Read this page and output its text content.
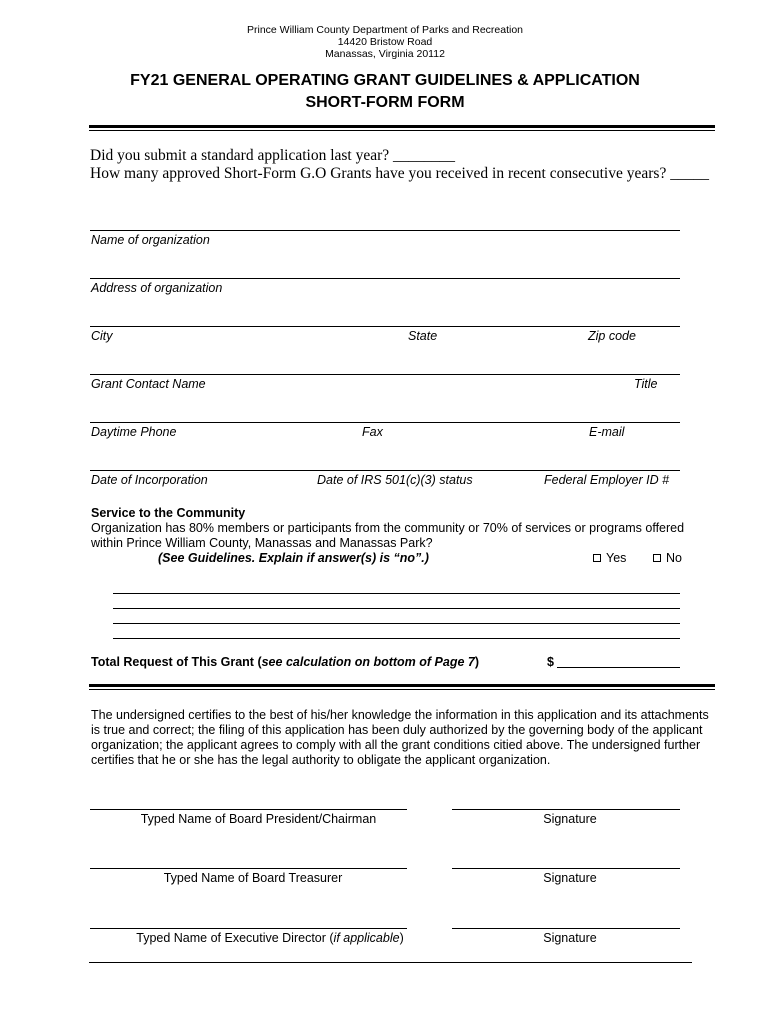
Prince William County Department of Parks and Recreation
14420 Bristow Road
Manassas, Virginia 20112
FY21 GENERAL OPERATING GRANT GUIDELINES & APPLICATION
SHORT-FORM FORM
Did you submit a standard application last year? ________
How many approved Short-Form G.O Grants have you received in recent consecutive years? _____
Name of organization
Address of organization
City	State	Zip code
Grant Contact Name	Title
Daytime Phone	Fax	E-mail
Date of Incorporation	Date of IRS 501(c)(3) status	Federal Employer ID #
Service to the Community
Organization has 80% members or participants from the community or 70% of services or programs offered
within Prince William County, Manassas and Manassas Park?
(See Guidelines. Explain if answer(s) is “no”.)	Yes	No
Total Request of This Grant (see calculation on bottom of Page 7)	$
The undersigned certifies to the best of his/her knowledge the information in this application and its attachments is true and correct; the filing of this application has been duly authorized by the governing body of the applicant organization; the applicant agrees to comply with all the grant conditions citied above. The undersigned further certifies that he or she has the legal authority to obligate the applicant organization.
Typed Name of Board President/Chairman	Signature
Typed Name of Board Treasurer	Signature
Typed Name of Executive Director (if applicable)	Signature
